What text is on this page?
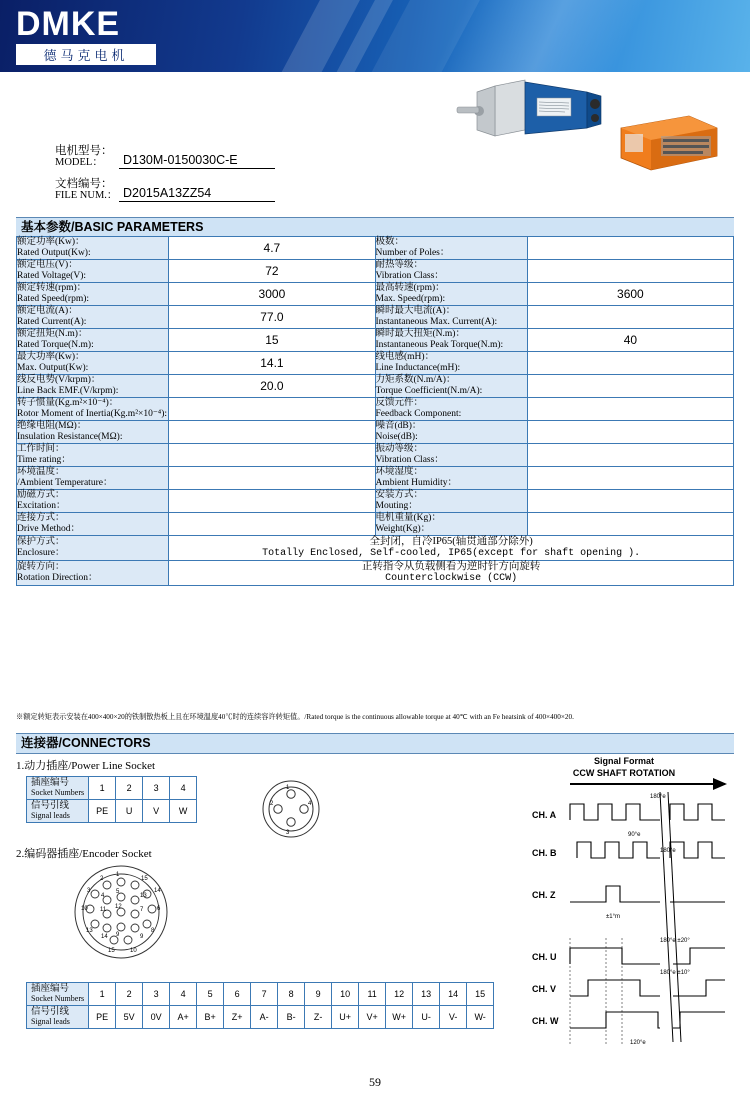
DMKE
德马克电机
电机型号：
MODEL：	D130M-0150030C-E
文档编号：
FILE NUM.： D2015A13ZZ54
基本参数/BASIC PARAMETERS
额定功率(Kw)：
Rated Output(Kw):	4.7	极数：
Number of Poles：	

额定电压(V)：
Rated Voltage(V):	72	耐热等级：
Vibration Class：	

额定转速(rpm)：
Rated Speed(rpm):	3000	最高转速(rpm)：
Max. Speed(rpm):	3600

额定电流(A)：
Rated Current(A):	77.0	瞬时最大电流(A)：
Instantaneous Max. Current(A):	

额定扭矩(N.m)：
Rated Torque(N.m):	15	瞬时最大扭矩(N.m)：
Instantaneous Peak Torque(N.m):	40

最大功率(Kw)：
Max. Output(Kw):	14.1	线电感(mH)：
Line Inductance(mH):	

线反电势(V/krpm)：
Line Back EMF.(V/krpm):	20.0	力矩系数(N.m/A)：
Torque Coefficient(N.m/A):	

转子惯量(Kg.m²×10⁻⁴)：
Rotor Moment of Inertia(Kg.m²×10⁻⁴):		反馈元件：
Feedback Component:	

绝缘电阻(MΩ)：
Insulation Resistance(MΩ):		噪音(dB)：
Noise(dB):	

工作时间：
Time rating：		振动等级：
Vibration Class：	

环境温度：
/Ambient Temperature：		环境湿度：
Ambient Humidity：	

励磁方式：
Excitation：		安装方式：
Mouting：	

连接方式：
Drive Method：		电机重量(Kg)：
Weight(Kg)：	

保护方式：
Enclosure：	全封闭，自冷IP65(轴贯通部分除外)
Totally Enclosed, Self-cooled, IP65(except for shaft opening ).		

旋转方向：
Rotation Direction：	正转指令从负载侧看为逆时针方向旋转
Counterclockwise (CCW)		
※额定转矩表示安装在400×400×20的铁制散热板上且在环境温度40℃时的连续容许转矩值。/Rated torque is the continuous allowable torque at 40℃ with an Fe heatsink of 400×400×20.
连接器/CONNECTORS
1.动力插座/Power Line Socket
2.编码器插座/Encoder Socket
插座编号
Socket Numbers	1	2	3	4

信号引线
Signal leads	PE	U	V	W
1
2	4
3
1
2	15
3	14
4
5
13
10	6
11 12	7
13	8
14 9	9
15	10
插座编号
Socket Numbers	1	2	3	4	5	6	7	8	9	10	11	12	13	14	15

信号引线
Signal leads	PE	5V	0V	A+	B+	Z+	A-	B-	Z-	U+	V+	W+	U-	V-	W-
Signal Format
CCW SHAFT ROTATION
CH. A
CH. B
CH. Z
CH. U
CH. V
CH. W
180°e
90°e
180°e
±1°m
180°e ±20°
180°e ±10°
120°e
59
